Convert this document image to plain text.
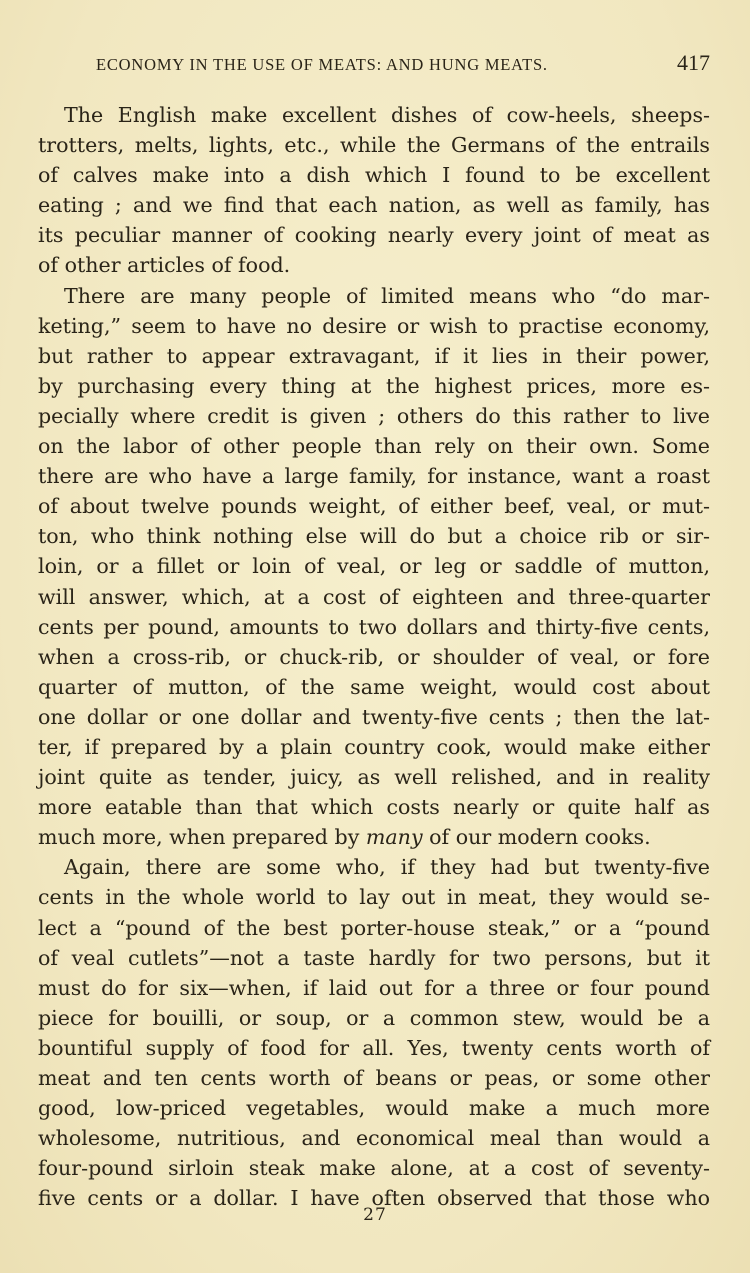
ECONOMY IN THE USE OF MEATS: AND HUNG MEATS.	417

The English make excellent dishes of cow-heels, sheeps-
trotters, melts, lights, etc., while the Germans of the entrails
of calves make into a dish which I found to be excellent
eating ; and we find that each nation, as well as family, has
its peculiar manner of cooking nearly every joint of meat as
of other articles of food.

There are many people of limited means who “do mar-
keting,” seem to have no desire or wish to practise economy,
but rather to appear extravagant, if it lies in their power,
by purchasing every thing at the highest prices, more es-
pecially where credit is given ; others do this rather to live
on the labor of other people than rely on their own. Some
there are who have a large family, for instance, want a roast
of about twelve pounds weight, of either beef, veal, or mut-
ton, who think nothing else will do but a choice rib or sir-
loin, or a fillet or loin of veal, or leg or saddle of mutton,
will answer, which, at a cost of eighteen and three-quarter
cents per pound, amounts to two dollars and thirty-five cents,
when a cross-rib, or chuck-rib, or shoulder of veal, or fore
quarter of mutton, of the same weight, would cost about
one dollar or one dollar and twenty-five cents ; then the lat-
ter, if prepared by a plain country cook, would make either
joint quite as tender, juicy, as well relished, and in reality
more eatable than that which costs nearly or quite half as
much more, when prepared by many of our modern cooks.

Again, there are some who, if they had but twenty-five
cents in the whole world to lay out in meat, they would se-
lect a “pound of the best porter-house steak,” or a “pound
of veal cutlets”—not a taste hardly for two persons, but it
must do for six—when, if laid out for a three or four pound
piece for bouilli, or soup, or a common stew, would be a
bountiful supply of food for all. Yes, twenty cents worth of
meat and ten cents worth of beans or peas, or some other
good, low-priced vegetables, would make a much more
wholesome, nutritious, and economical meal than would a
four-pound sirloin steak make alone, at a cost of seventy-
five cents or a dollar. I have often observed that those who

27
